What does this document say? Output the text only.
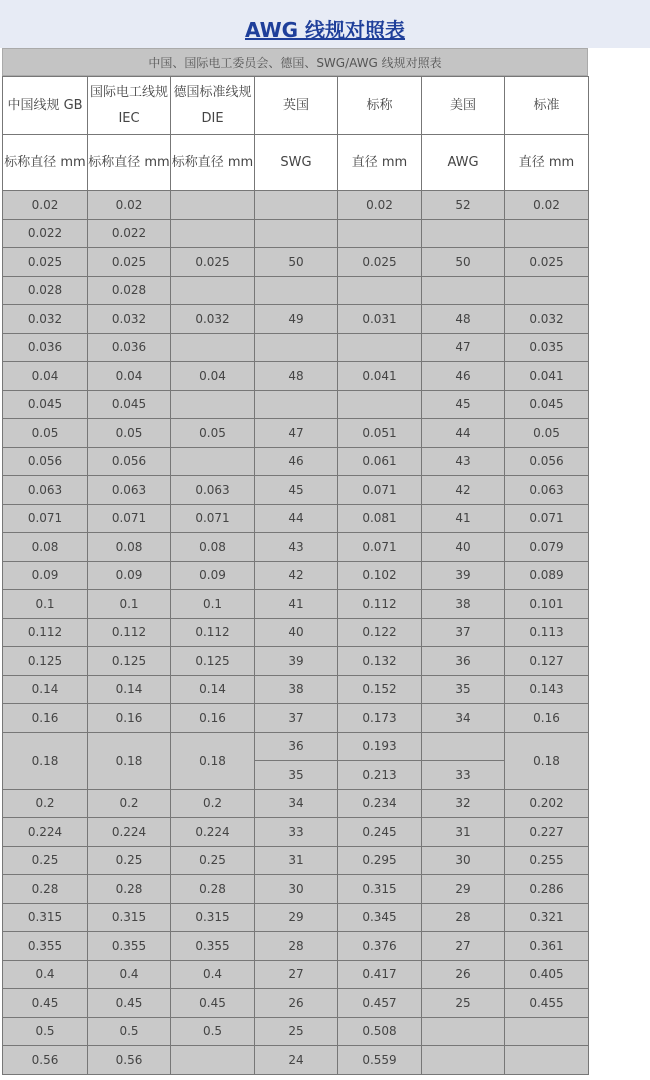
AWG 线规对照表
中国、国际电工委员会、德国、SWG/AWG 线规对照表
中国线规 GB	国际电工线规 IEC	德国标准线规 DIE	英国	标称	美国	标准
标称直径 mm	标称直径 mm	标称直径 mm	SWG	直径 mm	AWG	直径 mm
0.02	0.02			0.02	52	0.02
0.022	0.022					
0.025	0.025	0.025	50	0.025	50	0.025
0.028	0.028					
0.032	0.032	0.032	49	0.031	48	0.032
0.036	0.036				47	0.035
0.04	0.04	0.04	48	0.041	46	0.041
0.045	0.045				45	0.045
0.05	0.05	0.05	47	0.051	44	0.05
0.056	0.056		46	0.061	43	0.056
0.063	0.063	0.063	45	0.071	42	0.063
0.071	0.071	0.071	44	0.081	41	0.071
0.08	0.08	0.08	43	0.071	40	0.079
0.09	0.09	0.09	42	0.102	39	0.089
0.1	0.1	0.1	41	0.112	38	0.101
0.112	0.112	0.112	40	0.122	37	0.113
0.125	0.125	0.125	39	0.132	36	0.127
0.14	0.14	0.14	38	0.152	35	0.143
0.16	0.16	0.16	37	0.173	34	0.16
0.18	0.18	0.18	36	0.193		0.18
			35	0.213	33	
0.2	0.2	0.2	34	0.234	32	0.202
0.224	0.224	0.224	33	0.245	31	0.227
0.25	0.25	0.25	31	0.295	30	0.255
0.28	0.28	0.28	30	0.315	29	0.286
0.315	0.315	0.315	29	0.345	28	0.321
0.355	0.355	0.355	28	0.376	27	0.361
0.4	0.4	0.4	27	0.417	26	0.405
0.45	0.45	0.45	26	0.457	25	0.455
0.5	0.5	0.5	25	0.508		
0.56	0.56		24	0.559		
